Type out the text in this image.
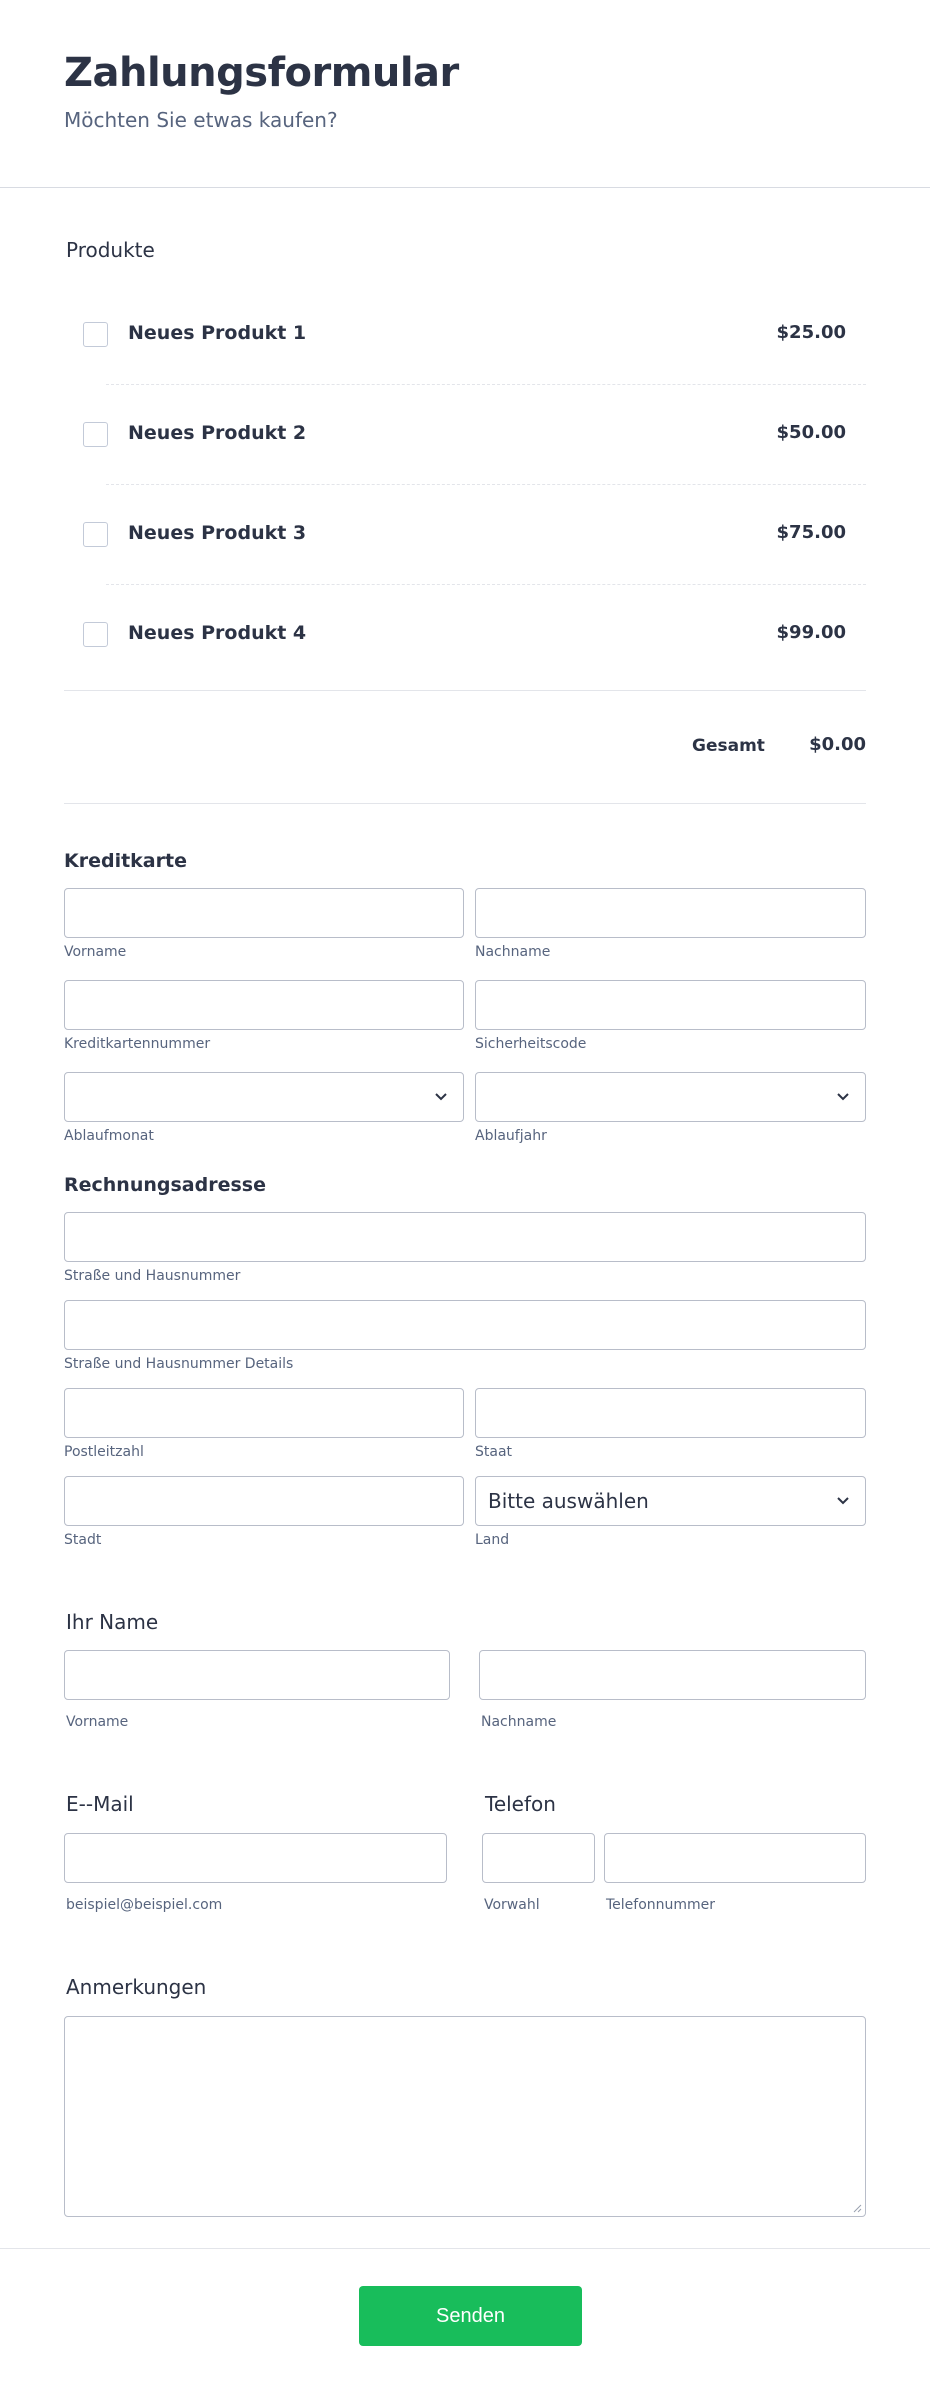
Zahlungsformular
Möchten Sie etwas kaufen?
Produkte
Neues Produkt 1	$25.00
Neues Produkt 2	$50.00
Neues Produkt 3	$75.00
Neues Produkt 4	$99.00
Gesamt	$0.00
Kreditkarte
Vorname	Nachname
Kreditkartennummer	Sicherheitscode
Ablaufmonat	Ablaufjahr
Rechnungsadresse
Straße und Hausnummer
Straße und Hausnummer Details
Postleitzahl	Staat
Bitte auswählen
Stadt	Land
Ihr Name
Vorname	Nachname
E--Mail	Telefon
beispiel@beispiel.com	Vorwahl	Telefonnummer
Anmerkungen
Senden
